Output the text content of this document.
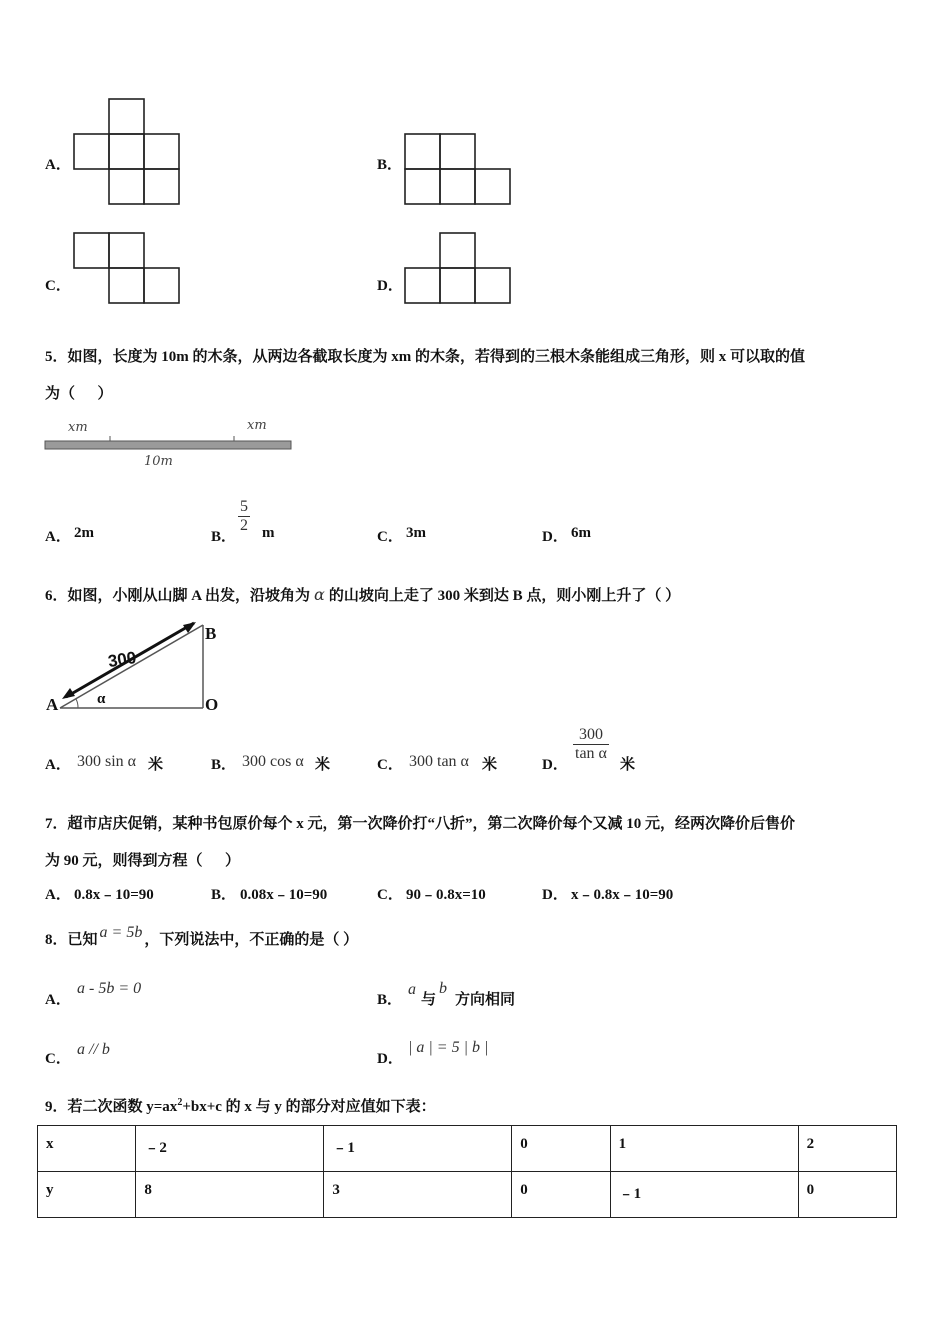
A．	B．
C．	D．
5．如图，长度为 10m 的木条，从两边各截取长度为 xm 的木条，若得到的三根木条能组成三角形，则 x 可以取的值
为（      ）
xm	xm
10m
A． 2m	B．
$\frac{5}{2}$ m	C． 3m	D． 6m
6．如图，小刚从山脚 A 出发，沿坡角为 α 的山坡向上走了 300 米到达 B 点，则小刚上升了（ ）
300
A
B
O
α
A． 300 sin α 米	B． 300 cos α 米	C． 300 tan α 米	D．
$\frac{300}{\text{tan α}}$
米
7．超市店庆促销，某种书包原价每个 x 元，第一次降价打“八折”，第二次降价每个又减 10 元，经两次降价后售价
为 90 元，则得到方程（      ）
A． 0.8x﹣10=90	B． 0.08x﹣10=90	C． 90﹣0.8x=10	D． x﹣0.8x﹣10=90
8．已知 a = 5b ，下列说法中，不正确的是（ ）
A．
a - 5b = 0
B．
a
与
b
方向相同
C．
a // b
D．
| a | = 5 | b |
9．若二次函数 $y=ax^2+bx+c$ 的 x 与 y 的部分对应值如下表：
x	﹣2	﹣1	0	1	2
y	8	3	0	﹣1	0
